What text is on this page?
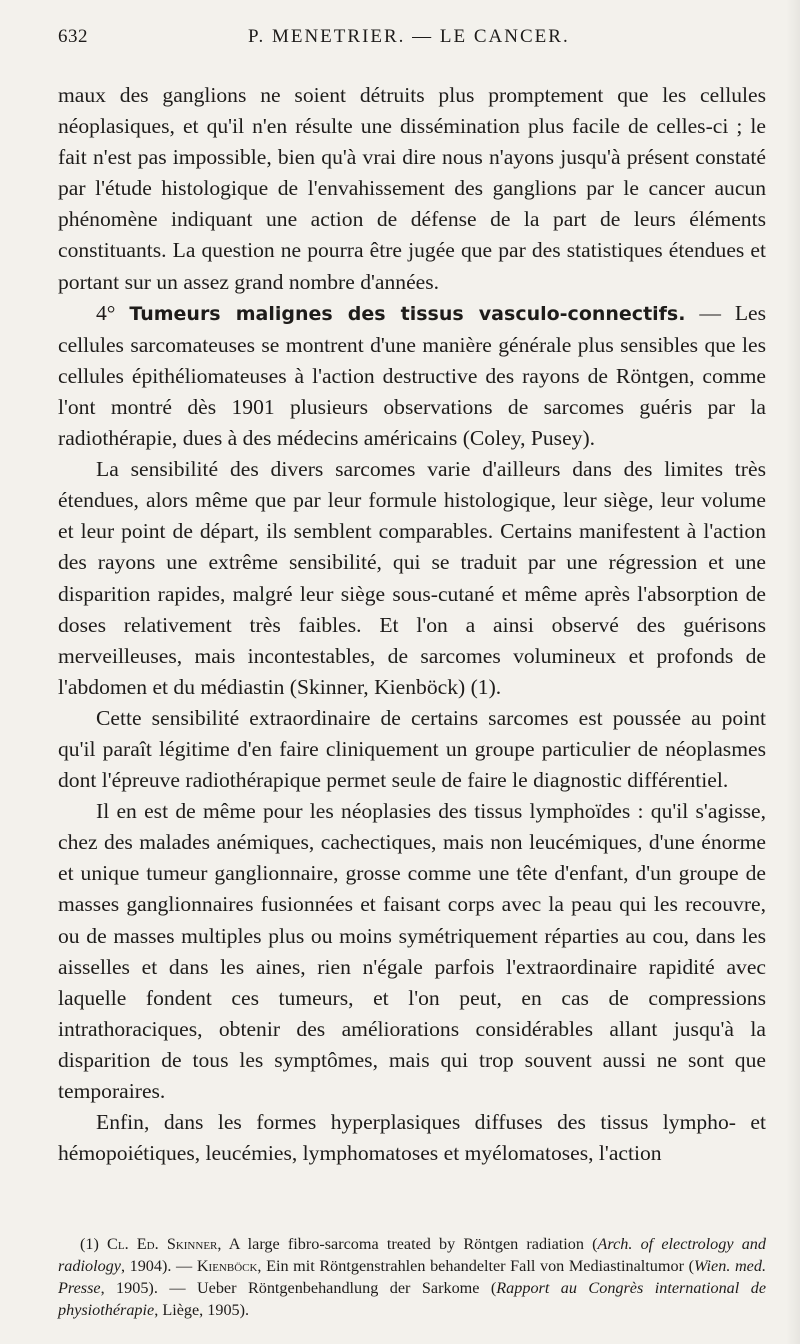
632	P. MENETRIER. — LE CANCER.

maux des ganglions ne soient détruits plus promptement que les cellules néoplasiques, et qu'il n'en résulte une dissémination plus facile de celles-ci ; le fait n'est pas impossible, bien qu'à vrai dire nous n'ayons jusqu'à présent constaté par l'étude histologique de l'envahissement des ganglions par le cancer aucun phénomène indiquant une action de défense de la part de leurs éléments constituants. La question ne pourra être jugée que par des statistiques étendues et portant sur un assez grand nombre d'années.

4° Tumeurs malignes des tissus vasculo-connectifs. — Les cellules sarcomateuses se montrent d'une manière générale plus sensibles que les cellules épithéliomateuses à l'action destructive des rayons de Röntgen, comme l'ont montré dès 1901 plusieurs observations de sarcomes guéris par la radiothérapie, dues à des médecins américains (Coley, Pusey).

La sensibilité des divers sarcomes varie d'ailleurs dans des limites très étendues, alors même que par leur formule histologique, leur siège, leur volume et leur point de départ, ils semblent comparables. Certains manifestent à l'action des rayons une extrême sensibilité, qui se traduit par une régression et une disparition rapides, malgré leur siège sous-cutané et même après l'absorption de doses relativement très faibles. Et l'on a ainsi observé des guérisons merveilleuses, mais incontestables, de sarcomes volumineux et profonds de l'abdomen et du médiastin (Skinner, Kienböck) (1).

Cette sensibilité extraordinaire de certains sarcomes est poussée au point qu'il paraît légitime d'en faire cliniquement un groupe particulier de néoplasmes dont l'épreuve radiothérapique permet seule de faire le diagnostic différentiel.

Il en est de même pour les néoplasies des tissus lymphoïdes : qu'il s'agisse, chez des malades anémiques, cachectiques, mais non leucémiques, d'une énorme et unique tumeur ganglionnaire, grosse comme une tête d'enfant, d'un groupe de masses ganglionnaires fusionnées et faisant corps avec la peau qui les recouvre, ou de masses multiples plus ou moins symétriquement réparties au cou, dans les aisselles et dans les aines, rien n'égale parfois l'extraordinaire rapidité avec laquelle fondent ces tumeurs, et l'on peut, en cas de compressions intrathoraciques, obtenir des améliorations considérables allant jusqu'à la disparition de tous les symptômes, mais qui trop souvent aussi ne sont que temporaires.

Enfin, dans les formes hyperplasiques diffuses des tissus lympho- et hémopoiétiques, leucémies, lymphomatoses et myélomatoses, l'action

(1) Cl. Ed. Skinner, A large fibro-sarcoma treated by Röntgen radiation (Arch. of electrology and radiology, 1904). — Kienböck, Ein mit Röntgenstrahlen behandelter Fall von Mediastinaltumor (Wien. med. Presse, 1905). — Ueber Röntgenbehandlung der Sarkome (Rapport au Congrès international de physiothérapie, Liège, 1905).
